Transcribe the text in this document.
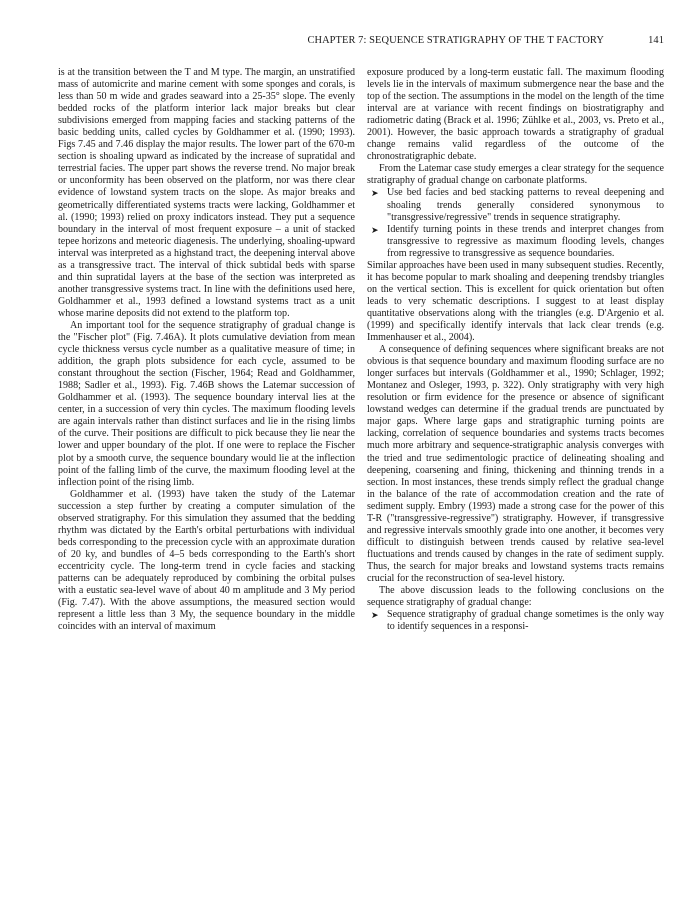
CHAPTER 7: SEQUENCE STRATIGRAPHY OF THE T FACTORY	141

is at the transition between the T and M type. The margin, an unstratified mass of automicrite and marine cement with some sponges and corals, is less than 50 m wide and grades seaward into a 25-35° slope. The evenly bedded rocks of the platform interior lack major breaks but clear subdivisions emerged from mapping facies and stacking patterns of the basic bedding units, called cycles by Goldhammer et al. (1990; 1993). Figs 7.45 and 7.46 display the major results. The lower part of the 670-m section is shoaling upward as indicated by the increase of supratidal and terrestrial facies. The upper part shows the reverse trend. No major break or unconformity has been observed on the platform, nor was there clear evidence of lowstand system tracts on the slope. As major breaks and geometrically differentiated systems tracts were lacking, Goldhammer et al. (1990; 1993) relied on proxy indicators instead. They put a sequence boundary in the interval of most frequent exposure – a unit of stacked tepee horizons and meteoric diagenesis. The underlying, shoaling-upward interval was interpreted as a highstand tract, the deepening interval above as a transgressive tract. The interval of thick subtidal beds with sparse and thin supratidal layers at the base of the section was interpreted as another transgressive systems tract. In line with the definitions used here, Goldhammer et al., 1993 defined a lowstand systems tract as a unit whose marine deposits did not extend to the platform top.

An important tool for the sequence stratigraphy of gradual change is the "Fischer plot" (Fig. 7.46A). It plots cumulative deviation from mean cycle thickness versus cycle number as a qualitative measure of time; in addition, the graph plots subsidence for each cycle, assumed to be constant throughout the section (Fischer, 1964; Read and Goldhammer, 1988; Sadler et al., 1993). Fig. 7.46B shows the Latemar succession of Goldhammer et al. (1993). The sequence boundary interval lies at the center, in a succession of very thin cycles. The maximum flooding levels are again intervals rather than distinct surfaces and lie in the rising limbs of the curve. Their positions are difficult to pick because they lie near the lower and upper boundary of the plot. If one were to replace the Fischer plot by a smooth curve, the sequence boundary would lie at the inflection point of the falling limb of the curve, the maximum flooding level at the inflection point of the rising limb.

Goldhammer et al. (1993) have taken the study of the Latemar succession a step further by creating a computer simulation of the observed stratigraphy. For this simulation they assumed that the bedding rhythm was dictated by the Earth's orbital perturbations with individual beds corresponding to the precession cycle with an approximate duration of 20 ky, and bundles of 4–5 beds corresponding to the Earth's short eccentricity cycle. The long-term trend in cycle facies and stacking patterns can be adequately reproduced by combining the orbital pulses with a eustatic sea-level wave of about 40 m amplitude and 3 My period (Fig. 7.47). With the above assumptions, the measured section would represent a little less than 3 My, the sequence boundary in the middle coincides with an interval of maximum

exposure produced by a long-term eustatic fall. The maximum flooding levels lie in the intervals of maximum submergence near the base and the top of the section. The assumptions in the model on the length of the time interval are at variance with recent findings on biostratigraphy and radiometric dating (Brack et al. 1996; Zühlke et al., 2003, vs. Preto et al., 2001). However, the basic approach towards a stratigraphy of gradual change remains valid regardless of the outcome of the chronostratigraphic debate.

From the Latemar case study emerges a clear strategy for the sequence stratigraphy of gradual change on carbonate platforms.

➤ Use bed facies and bed stacking patterns to reveal deepening and shoaling trends generally considered synonymous to "transgressive/regressive" trends in sequence stratigraphy.
➤ Identify turning points in these trends and interpret changes from transgressive to regressive as maximum flooding levels, changes from regressive to transgressive as sequence boundaries.

Similar approaches have been used in many subsequent studies. Recently, it has become popular to mark shoaling and deepening trendsby triangles on the vertical section. This is excellent for quick orientation but often leads to very schematic descriptions. I suggest to at least display quantitative observations along with the triangles (e.g. D'Argenio et al. (1999) and specifically identify intervals that lack clear trends (e.g. Immenhauser et al., 2004).

A consequence of defining sequences where significant breaks are not obvious is that sequence boundary and maximum flooding surface are no longer surfaces but intervals (Goldhammer et al., 1990; Schlager, 1992; Montanez and Osleger, 1993, p. 322). Only stratigraphy with very high resolution or firm evidence for the presence or absence of significant lowstand wedges can determine if the gradual trends are punctuated by major gaps. Where large gaps and stratigraphic turning points are lacking, correlation of sequence boundaries and systems tracts becomes much more arbitrary and sequence-stratigraphic analysis converges with the tried and true sedimentologic practice of delineating shoaling and deepening, coarsening and fining, thickening and thinning trends in a section. In most instances, these trends simply reflect the gradual change in the balance of the rate of accommodation creation and the rate of sediment supply. Embry (1993) made a strong case for the power of this T-R ("transgressive-regressive") stratigraphy. However, if transgressive and regressive intervals smoothly grade into one another, it becomes very difficult to distinguish between trends caused by relative sea-level fluctuations and trends caused by changes in the rate of sediment supply. Thus, the search for major breaks and lowstand systems tracts remains crucial for the reconstruction of sea-level history.

The above discussion leads to the following conclusions on the sequence stratigraphy of gradual change:

➤ Sequence stratigraphy of gradual change sometimes is the only way to identify sequences in a responsi-
